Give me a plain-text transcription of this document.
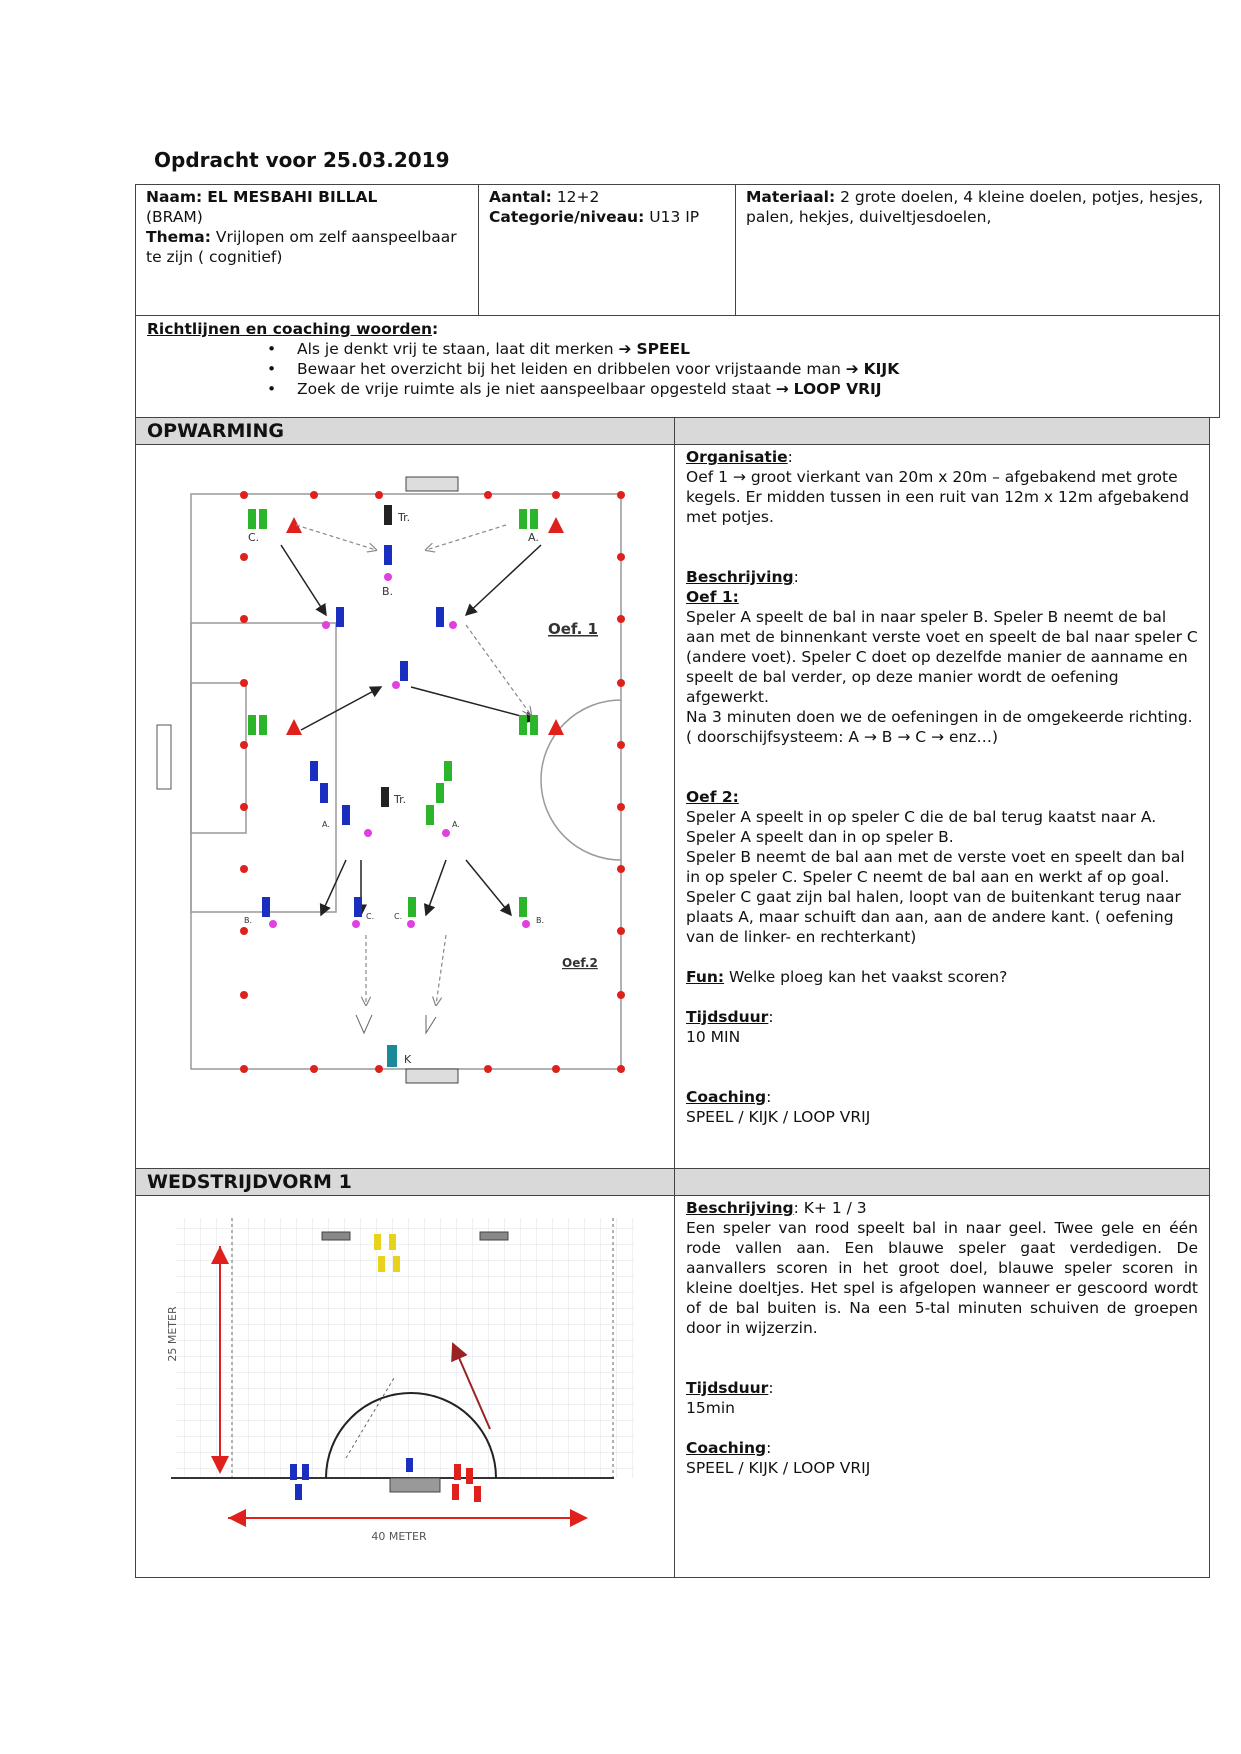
Opdracht voor 25.03.2019
Naam: EL MESBAHI BILLAL
(BRAM)
Thema: Vrijlopen om zelf aanspeelbaar te zijn ( cognitief)
Aantal: 12+2
Categorie/niveau: U13 IP
Materiaal: 2 grote doelen, 4 kleine doelen, potjes, hesjes, palen, hekjes, duiveltjesdoelen,
Richtlijnen en coaching woorden:
• Als je denkt vrij te staan, laat dit merken ➔ SPEEL
• Bewaar het overzicht bij het leiden en dribbelen voor vrijstaande man ➔ KIJK
• Zoek de vrije ruimte als je niet aanspeelbaar opgesteld staat → LOOP VRIJ
OPWARMING
Tr.
Tr.
K
C.	A.
B.
A.	A.
B.	B.
C. C.
Oef. 1
Oef.2
Organisatie:

Oef 1 → groot vierkant van 20m x 20m – afgebakend met grote kegels. Er midden tussen in een ruit van 12m x 12m afgebakend met potjes.

Beschrijving:
Oef 1:

Speler A speelt de bal in naar speler B. Speler B neemt de bal aan met de binnenkant verste voet en speelt de bal naar speler C (andere voet). Speler C doet op dezelfde manier de aanname en speelt de bal verder, op deze manier wordt de oefening afgewerkt.

Na 3 minuten doen we de oefeningen in de omgekeerde richting. ( doorschijfsysteem: A → B → C → enz…)

Oef 2:

Speler A speelt in op speler C die de bal terug kaatst naar A. Speler A speelt dan in op speler B.

Speler B neemt de bal aan met de verste voet en speelt dan bal in op speler C. Speler C neemt de bal aan en werkt af op goal. Speler C gaat zijn bal halen, loopt van de buitenkant terug naar plaats A, maar schuift dan aan, aan de andere kant. ( oefening van de linker- en rechterkant)

Fun: Welke ploeg kan het vaakst scoren?
Tijdsduur:
10 MIN
Coaching:
SPEEL / KIJK / LOOP VRIJ
WEDSTRIJDVORM 1
25 METER
40 METER
Beschrijving: K+ 1 / 3

Een speler van rood speelt bal in naar geel. Twee gele en één rode vallen aan. Een blauwe speler gaat verdedigen. De aanvallers scoren in het groot doel, blauwe speler scoren in kleine doeltjes. Het spel is afgelopen wanneer er gescoord wordt of de bal buiten is. Na een 5-tal minuten schuiven de groepen door in wijzerzin.

Tijdsduur:
15min
Coaching:
SPEEL / KIJK / LOOP VRIJ
